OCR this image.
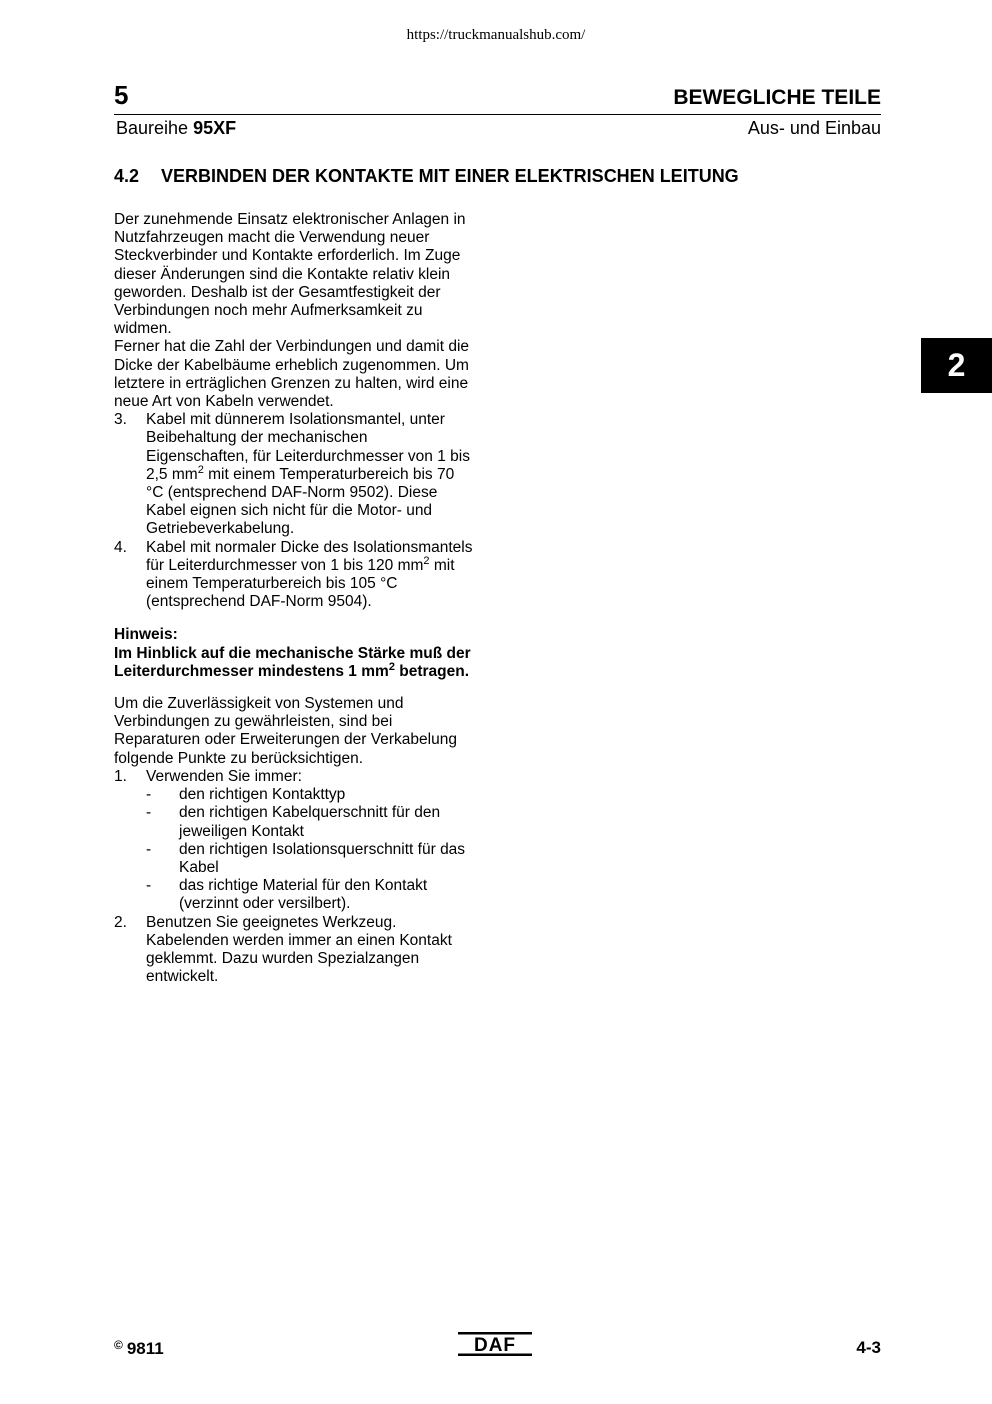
https://truckmanualshub.com/
5	BEWEGLICHE TEILE
Baureihe 95XF	Aus- und Einbau
4.2 VERBINDEN DER KONTAKTE MIT EINER ELEKTRISCHEN LEITUNG

Der zunehmende Einsatz elektronischer Anlagen in Nutzfahrzeugen macht die Verwendung neuer Steckverbinder und Kontakte erforderlich. Im Zuge dieser Änderungen sind die Kontakte relativ klein geworden. Deshalb ist der Gesamtfestigkeit der Verbindungen noch mehr Aufmerksamkeit zu widmen.

Ferner hat die Zahl der Verbindungen und damit die Dicke der Kabelbäume erheblich zugenommen. Um letztere in erträglichen Grenzen zu halten, wird eine neue Art von Kabeln verwendet.

3.	Kabel mit dünnerem Isolationsmantel, unter Beibehaltung der mechanischen Eigenschaften, für Leiterdurchmesser von 1 bis 2,5 $mm^2$ mit einem Temperaturbereich bis 70 °C (entsprechend DAF-Norm 9502). Diese Kabel eignen sich nicht für die Motor- und Getriebeverkabelung.
4.	Kabel mit normaler Dicke des Isolationsmantels für Leiterdurchmesser von 1 bis 120 $mm^2$ mit einem Temperaturbereich bis 105 °C (entsprechend DAF-Norm 9504).

Hinweis:
Im Hinblick auf die mechanische Stärke muß der Leiterdurchmesser mindestens 1 $mm^2$ betragen.

Um die Zuverlässigkeit von Systemen und Verbindungen zu gewährleisten, sind bei Reparaturen oder Erweiterungen der Verkabelung folgende Punkte zu berücksichtigen.

1.	Verwenden Sie immer:
-	den richtigen Kontakttyp
-	den richtigen Kabelquerschnitt für den jeweiligen Kontakt
-	den richtigen Isolationsquerschnitt für das Kabel
-	das richtige Material für den Kontakt (verzinnt oder versilbert).
2.	Benutzen Sie geeignetes Werkzeug. Kabelenden werden immer an einen Kontakt geklemmt. Dazu wurden Spezialzangen entwickelt.
2
© 9811	DAF	4-3
